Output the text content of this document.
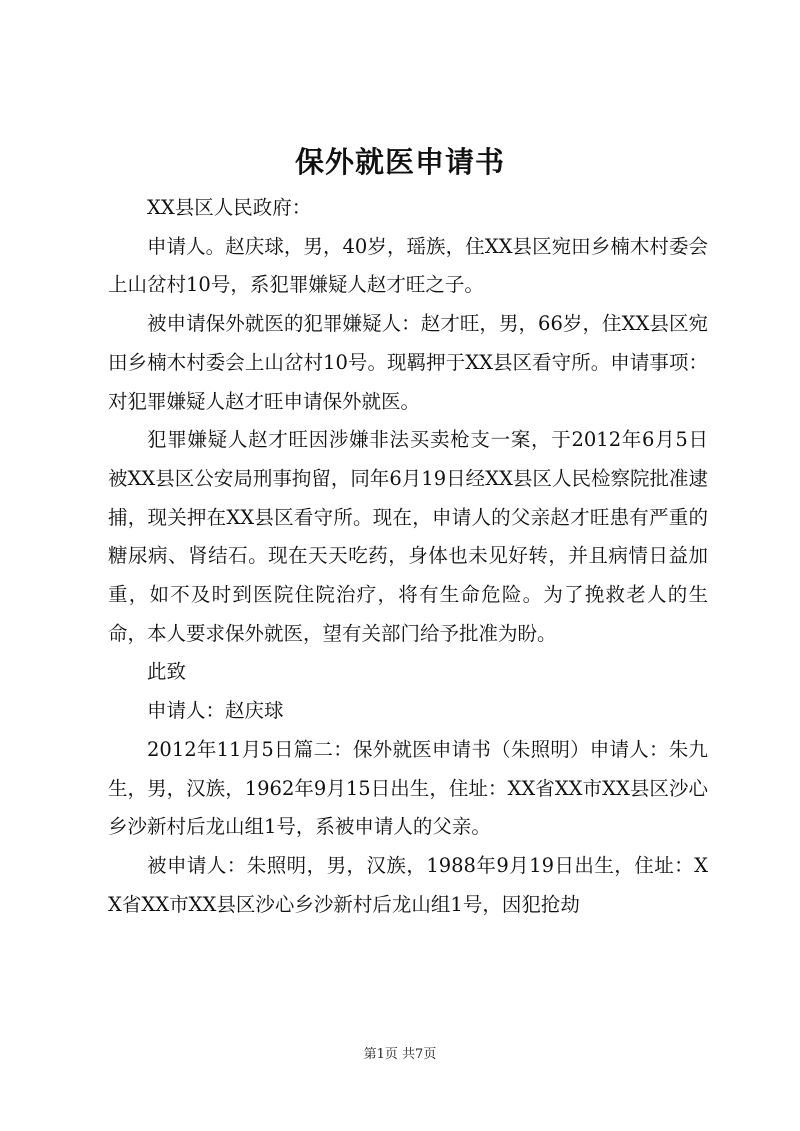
保外就医申请书

XX县区人民政府：

申请人。赵庆球，男，40岁，瑶族，住XX县区宛田乡楠木村委会上山岔村10号，系犯罪嫌疑人赵才旺之子。

被申请保外就医的犯罪嫌疑人：赵才旺，男，66岁，住XX县区宛田乡楠木村委会上山岔村10号。现羁押于XX县区看守所。申请事项：对犯罪嫌疑人赵才旺申请保外就医。

犯罪嫌疑人赵才旺因涉嫌非法买卖枪支一案，于2012年6月5日被XX县区公安局刑事拘留，同年6月19日经XX县区人民检察院批准逮捕，现关押在XX县区看守所。现在，申请人的父亲赵才旺患有严重的糖尿病、肾结石。现在天天吃药，身体也未见好转，并且病情日益加重，如不及时到医院住院治疗，将有生命危险。为了挽救老人的生命，本人要求保外就医，望有关部门给予批准为盼。

此致

申请人：赵庆球

2012年11月5日篇二：保外就医申请书（朱照明）申请人：朱九生，男，汉族，1962年9月15日出生，住址：XX省XX市XX县区沙心乡沙新村后龙山组1号，系被申请人的父亲。

被申请人：朱照明，男，汉族，1988年9月19日出生，住址：XX省XX市XX县区沙心乡沙新村后龙山组1号，因犯抢劫

第1页 共7页
